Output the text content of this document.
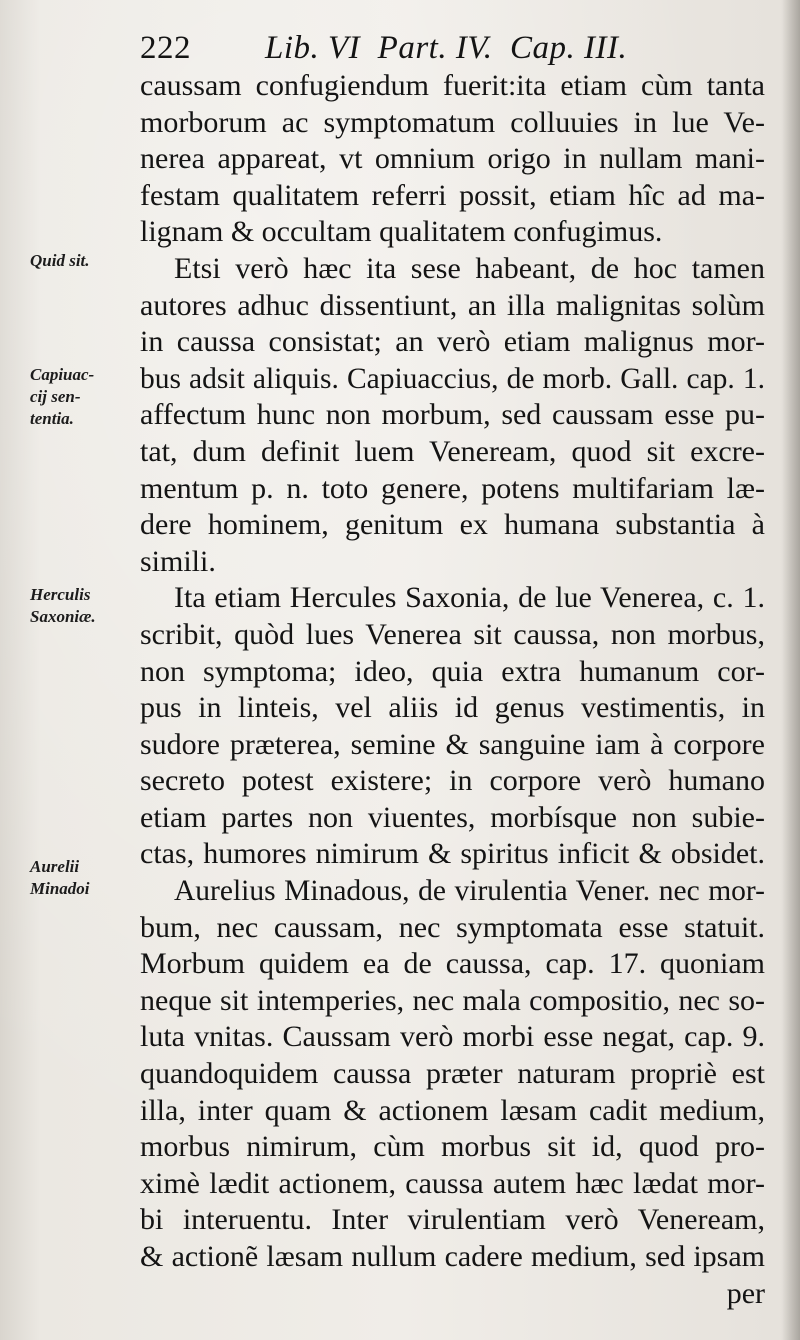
222 Lib. VI  Part. IV.  Cap. III.
Quid sit.
Capiuac-
cij sen-
tentia.
Herculis
Saxoniæ.
Aurelii
Minadoi
caussam confugiendum fuerit:ita etiam cùm tanta
morborum ac symptomatum colluuies in lue Ve-
nerea appareat, vt omnium origo in nullam mani-
festam qualitatem referri possit, etiam hîc ad ma-
lignam & occultam qualitatem confugimus.
Etsi verò hæc ita sese habeant, de hoc tamen
autores adhuc dissentiunt, an illa malignitas solùm
in caussa consistat; an verò etiam malignus mor-
bus adsit aliquis. Capiuaccius, de morb. Gall. cap. 1.
affectum hunc non morbum, sed caussam esse pu-
tat, dum definit luem Veneream, quod sit excre-
mentum p. n. toto genere, potens multifariam læ-
dere hominem, genitum ex humana substantia à
simili.
Ita etiam Hercules Saxonia, de lue Venerea, c. 1.
scribit, quòd lues Venerea sit caussa, non morbus,
non symptoma; ideo, quia extra humanum cor-
pus in linteis, vel aliis id genus vestimentis, in
sudore præterea, semine & sanguine iam à corpore
secreto potest existere; in corpore verò humano
etiam partes non viuentes, morbísque non subie-
ctas, humores nimirum & spiritus inficit & obsidet.
Aurelius Minadous, de virulentia Vener. nec mor-
bum, nec caussam, nec symptomata esse statuit.
Morbum quidem ea de caussa, cap. 17. quoniam
neque sit intemperies, nec mala compositio, nec so-
luta vnitas. Caussam verò morbi esse negat, cap. 9.
quandoquidem caussa præter naturam propriè est
illa, inter quam & actionem læsam cadit medium,
morbus nimirum, cùm morbus sit id, quod pro-
ximè lædit actionem, caussa autem hæc lædat mor-
bi interuentu. Inter virulentiam verò Veneream,
& actionẽ læsam nullum cadere medium, sed ipsam
per
